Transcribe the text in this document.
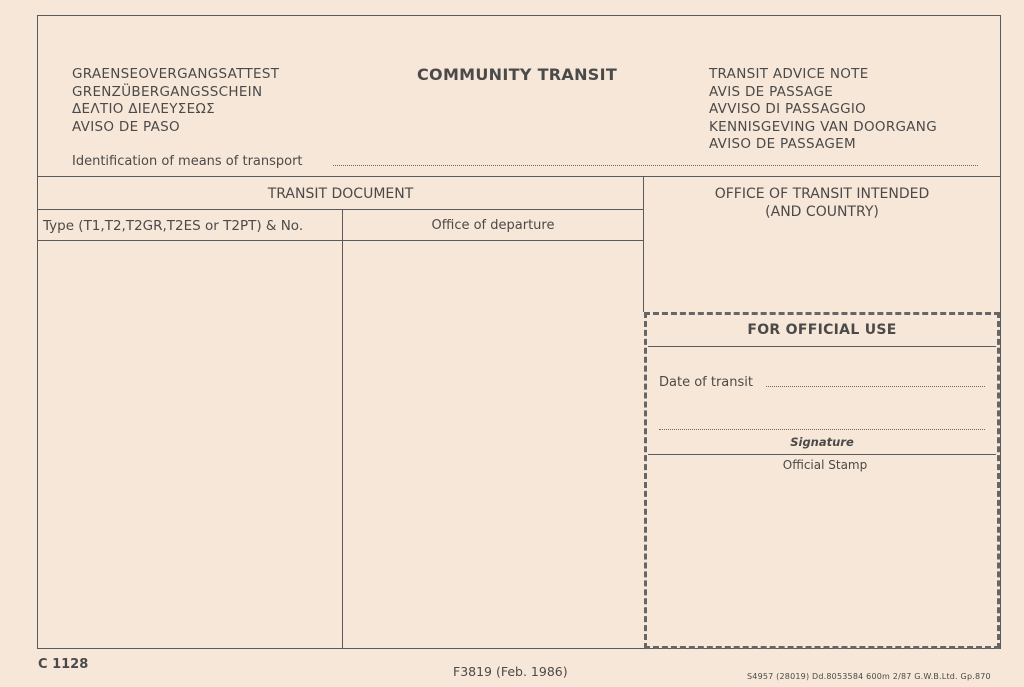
GRAENSEOVERGANGSATTEST
GRENZÜBERGANGSSCHEIN
ΔΕΛΤΙΟ ΔΙΕΛΕΥΣΕΩΣ
AVISO DE PASO
COMMUNITY TRANSIT	TRANSIT ADVICE NOTE
AVIS DE PASSAGE
AVVISO DI PASSAGGIO
KENNISGEVING VAN DOORGANG
AVISO DE PASSAGEM
Identification of means of transport
TRANSIT DOCUMENT
Type (T1,T2,T2GR,T2ES or T2PT) & No.	Office of departure
OFFICE OF TRANSIT INTENDED
(AND COUNTRY)
FOR OFFICIAL USE
Date of transit
Signature
Official Stamp
C 1128	F3819 (Feb. 1986)	S4957 (28019) Dd.8053584 600m 2/87 G.W.B.Ltd. Gp.870
